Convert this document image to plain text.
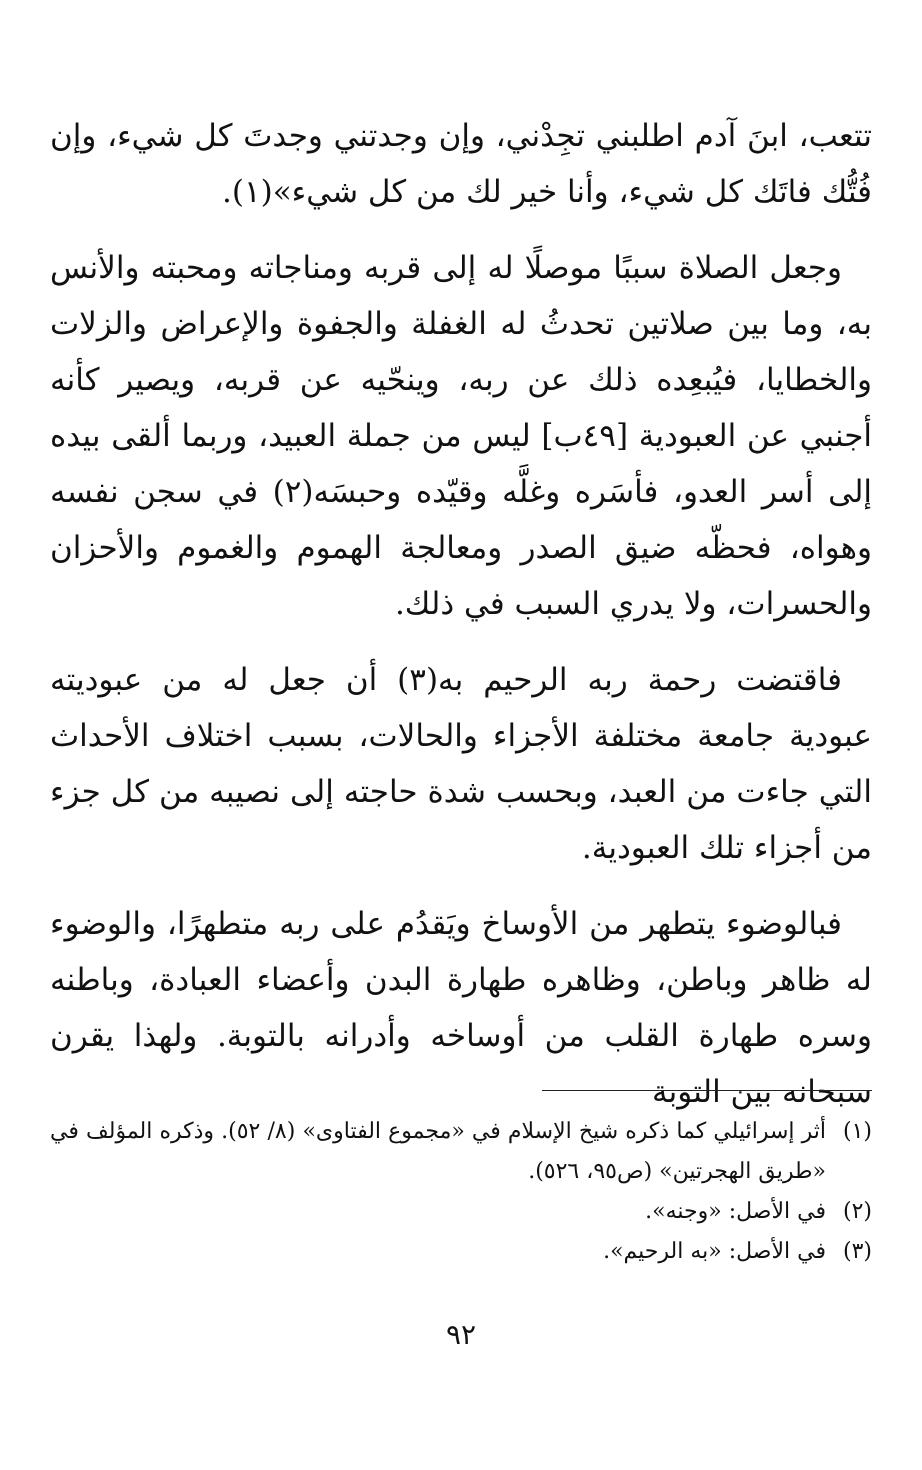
تتعب، ابنَ آدم اطلبني تجِدْني، وإن وجدتني وجدتَ كل شيء، وإن فُتُّك فاتَك كل شيء، وأنا خير لك من كل شيء»(١).

وجعل الصلاة سببًا موصلًا له إلى قربه ومناجاته ومحبته والأنس به، وما بين صلاتين تحدثُ له الغفلة والجفوة والإعراض والزلات والخطايا، فيُبعِده ذلك عن ربه، وينحّيه عن قربه، ويصير كأنه أجنبي عن العبودية [٤٩ب] ليس من جملة العبيد، وربما ألقى بيده إلى أسر العدو، فأسَره وغلَّه وقيّده وحبسَه(٢) في سجن نفسه وهواه، فحظّه ضيق الصدر ومعالجة الهموم والغموم والأحزان والحسرات، ولا يدري السبب في ذلك.

فاقتضت رحمة ربه الرحيم به(٣) أن جعل له من عبوديته عبودية جامعة مختلفة الأجزاء والحالات، بسبب اختلاف الأحداث التي جاءت من العبد، وبحسب شدة حاجته إلى نصيبه من كل جزء من أجزاء تلك العبودية.

فبالوضوء يتطهر من الأوساخ ويَقدُم على ربه متطهرًا، والوضوء له ظاهر وباطن، وظاهره طهارة البدن وأعضاء العبادة، وباطنه وسره طهارة القلب من أوساخه وأدرانه بالتوبة. ولهذا يقرن سبحانه بين التوبة

(١)
أثر إسرائيلي كما ذكره شيخ الإسلام في «مجموع الفتاوى» (٨/ ٥٢). وذكره المؤلف في «طريق الهجرتين» (ص٩٥، ٥٢٦).
(٢)
في الأصل: «وجنه».
(٣)
في الأصل: «به الرحيم».
٩٢
